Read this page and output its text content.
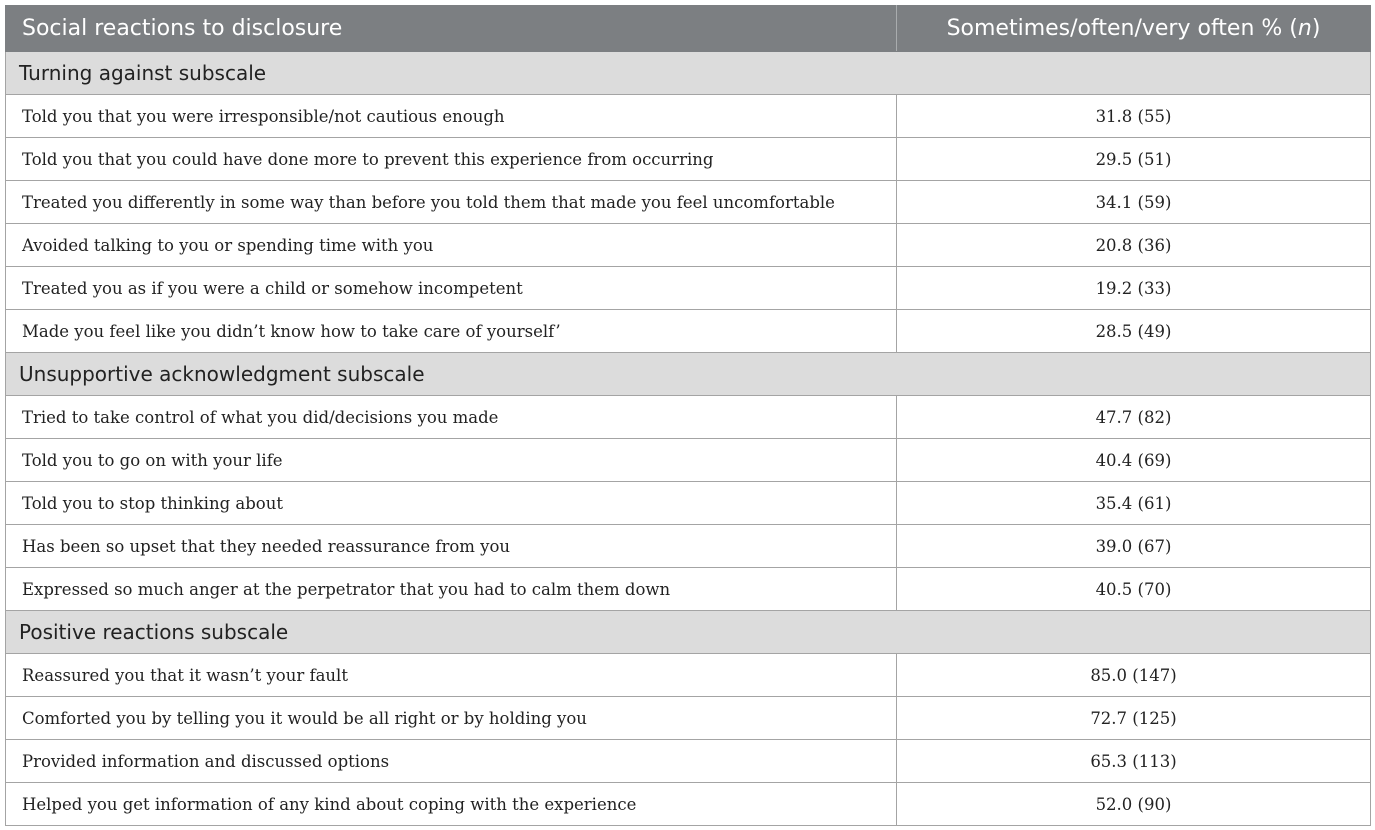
Social reactions to disclosure	Sometimes/often/very often % (n)
Turning against subscale	
Told you that you were irresponsible/not cautious enough	31.8 (55)
Told you that you could have done more to prevent this experience from occurring	29.5 (51)
Treated you differently in some way than before you told them that made you feel uncomfortable	34.1 (59)
Avoided talking to you or spending time with you	20.8 (36)
Treated you as if you were a child or somehow incompetent	19.2 (33)
Made you feel like you didn’t know how to take care of yourself’	28.5 (49)
Unsupportive acknowledgment subscale	
Tried to take control of what you did/decisions you made	47.7 (82)
Told you to go on with your life	40.4 (69)
Told you to stop thinking about	35.4 (61)
Has been so upset that they needed reassurance from you	39.0 (67)
Expressed so much anger at the perpetrator that you had to calm them down	40.5 (70)
Positive reactions subscale	
Reassured you that it wasn’t your fault	85.0 (147)
Comforted you by telling you it would be all right or by holding you	72.7 (125)
Provided information and discussed options	65.3 (113)
Helped you get information of any kind about coping with the experience	52.0 (90)
